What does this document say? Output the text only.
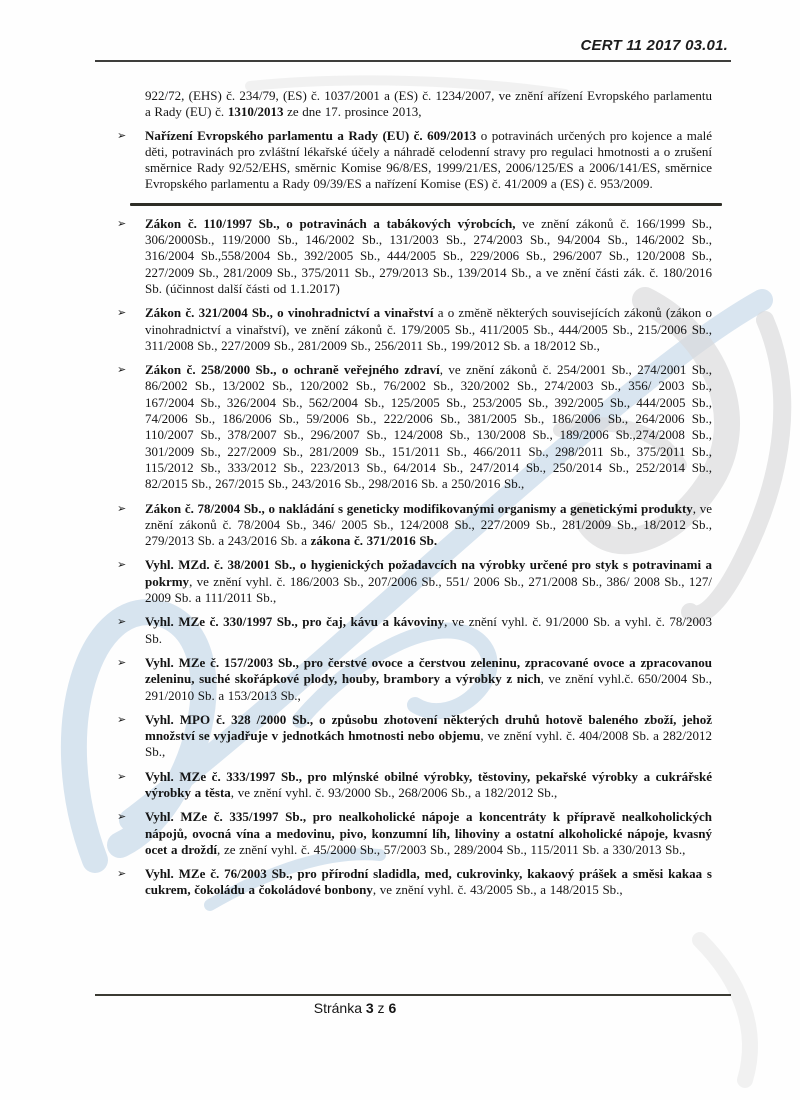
CERT 11 2017 03.01.
922/72, (EHS) č. 234/79, (ES) č. 1037/2001 a (ES) č. 1234/2007, ve znění ařízení Evropského parlamentu a Rady (EU) č. 1310/2013 ze dne 17. prosince 2013,
➢ Nařízení Evropského parlamentu a Rady (EU) č. 609/2013 o potravinách určených pro kojence a malé děti, potravinách pro zvláštní lékařské účely a náhradě celodenní stravy pro regulaci hmotnosti a o zrušení směrnice Rady 92/52/EHS, směrnic Komise 96/8/ES, 1999/21/ES, 2006/125/ES a 2006/141/ES, směrnice Evropského parlamentu a Rady 09/39/ES a nařízení Komise (ES) č. 41/2009 a (ES) č. 953/2009.
➢ Zákon č. 110/1997 Sb., o potravinách a tabákových výrobcích, ve znění zákonů č. 166/1999 Sb., 306/2000Sb., 119/2000 Sb., 146/2002 Sb., 131/2003 Sb., 274/2003 Sb., 94/2004 Sb., 146/2002 Sb., 316/2004 Sb.,558/2004 Sb., 392/2005 Sb., 444/2005 Sb., 229/2006 Sb., 296/2007 Sb., 120/2008 Sb., 227/2009 Sb., 281/2009 Sb., 375/2011 Sb., 279/2013 Sb., 139/2014 Sb., a ve znění části zák. č. 180/2016 Sb. (účinnost další části od 1.1.2017)
➢ Zákon č. 321/2004 Sb., o vinohradnictví a vinařství a o změně některých souvisejících zákonů (zákon o vinohradnictví a vinařství), ve znění zákonů č. 179/2005 Sb., 411/2005 Sb., 444/2005 Sb., 215/2006 Sb., 311/2008 Sb., 227/2009 Sb., 281/2009 Sb., 256/2011 Sb., 199/2012 Sb. a 18/2012 Sb.,
➢ Zákon č. 258/2000 Sb., o ochraně veřejného zdraví, ve znění zákonů č. 254/2001 Sb., 274/2001 Sb., 86/2002 Sb., 13/2002 Sb., 120/2002 Sb., 76/2002 Sb., 320/2002 Sb., 274/2003 Sb., 356/ 2003 Sb., 167/2004 Sb., 326/2004 Sb., 562/2004 Sb., 125/2005 Sb., 253/2005 Sb., 392/2005 Sb., 444/2005 Sb., 74/2006 Sb., 186/2006 Sb., 59/2006 Sb., 222/2006 Sb., 381/2005 Sb., 186/2006 Sb., 264/2006 Sb., 110/2007 Sb., 378/2007 Sb., 296/2007 Sb., 124/2008 Sb., 130/2008 Sb., 189/2006 Sb.,274/2008 Sb., 301/2009 Sb., 227/2009 Sb., 281/2009 Sb., 151/2011 Sb., 466/2011 Sb., 298/2011 Sb., 375/2011 Sb., 115/2012 Sb., 333/2012 Sb., 223/2013 Sb., 64/2014 Sb., 247/2014 Sb., 250/2014 Sb., 252/2014 Sb., 82/2015 Sb., 267/2015 Sb., 243/2016 Sb., 298/2016 Sb. a 250/2016 Sb.,
➢ Zákon č. 78/2004 Sb., o nakládání s geneticky modifikovanými organismy a genetickými produkty, ve znění zákonů č. 78/2004 Sb., 346/ 2005 Sb., 124/2008 Sb., 227/2009 Sb., 281/2009 Sb., 18/2012 Sb., 279/2013 Sb. a 243/2016 Sb. a zákona č. 371/2016 Sb.
➢ Vyhl. MZd. č. 38/2001 Sb., o hygienických požadavcích na výrobky určené pro styk s potravinami a pokrmy, ve znění vyhl. č. 186/2003 Sb., 207/2006 Sb., 551/ 2006 Sb., 271/2008 Sb., 386/ 2008 Sb., 127/ 2009 Sb. a 111/2011 Sb.,
➢ Vyhl. MZe č. 330/1997 Sb., pro čaj, kávu a kávoviny, ve znění vyhl. č. 91/2000 Sb. a vyhl. č. 78/2003 Sb.
➢ Vyhl. MZe č. 157/2003 Sb., pro čerstvé ovoce a čerstvou zeleninu, zpracované ovoce a zpracovanou zeleninu, suché skořápkové plody, houby, brambory a výrobky z nich, ve znění vyhl.č. 650/2004 Sb., 291/2010 Sb. a 153/2013 Sb.,
➢ Vyhl. MPO č. 328 /2000 Sb., o způsobu zhotovení některých druhů hotově baleného zboží, jehož množství se vyjadřuje v jednotkách hmotnosti nebo objemu, ve znění vyhl. č. 404/2008 Sb. a 282/2012 Sb.,
➢ Vyhl. MZe č. 333/1997 Sb., pro mlýnské obilné výrobky, těstoviny, pekařské výrobky a cukrářské výrobky a těsta, ve znění vyhl. č. 93/2000 Sb., 268/2006 Sb., a 182/2012 Sb.,
➢ Vyhl. MZe č. 335/1997 Sb., pro nealkoholické nápoje a koncentráty k přípravě nealkoholických nápojů, ovocná vína a medovinu, pivo, konzumní líh, lihoviny a ostatní alkoholické nápoje, kvasný ocet a droždí, ze znění vyhl. č. 45/2000 Sb., 57/2003 Sb., 289/2004 Sb., 115/2011 Sb. a 330/2013 Sb.,
➢ Vyhl. MZe č. 76/2003 Sb., pro přírodní sladidla, med, cukrovinky, kakaový prášek a směsi kakaa s cukrem, čokoládu a čokoládové bonbony, ve znění vyhl. č. 43/2005 Sb., a 148/2015 Sb.,
Stránka 3 z 6
